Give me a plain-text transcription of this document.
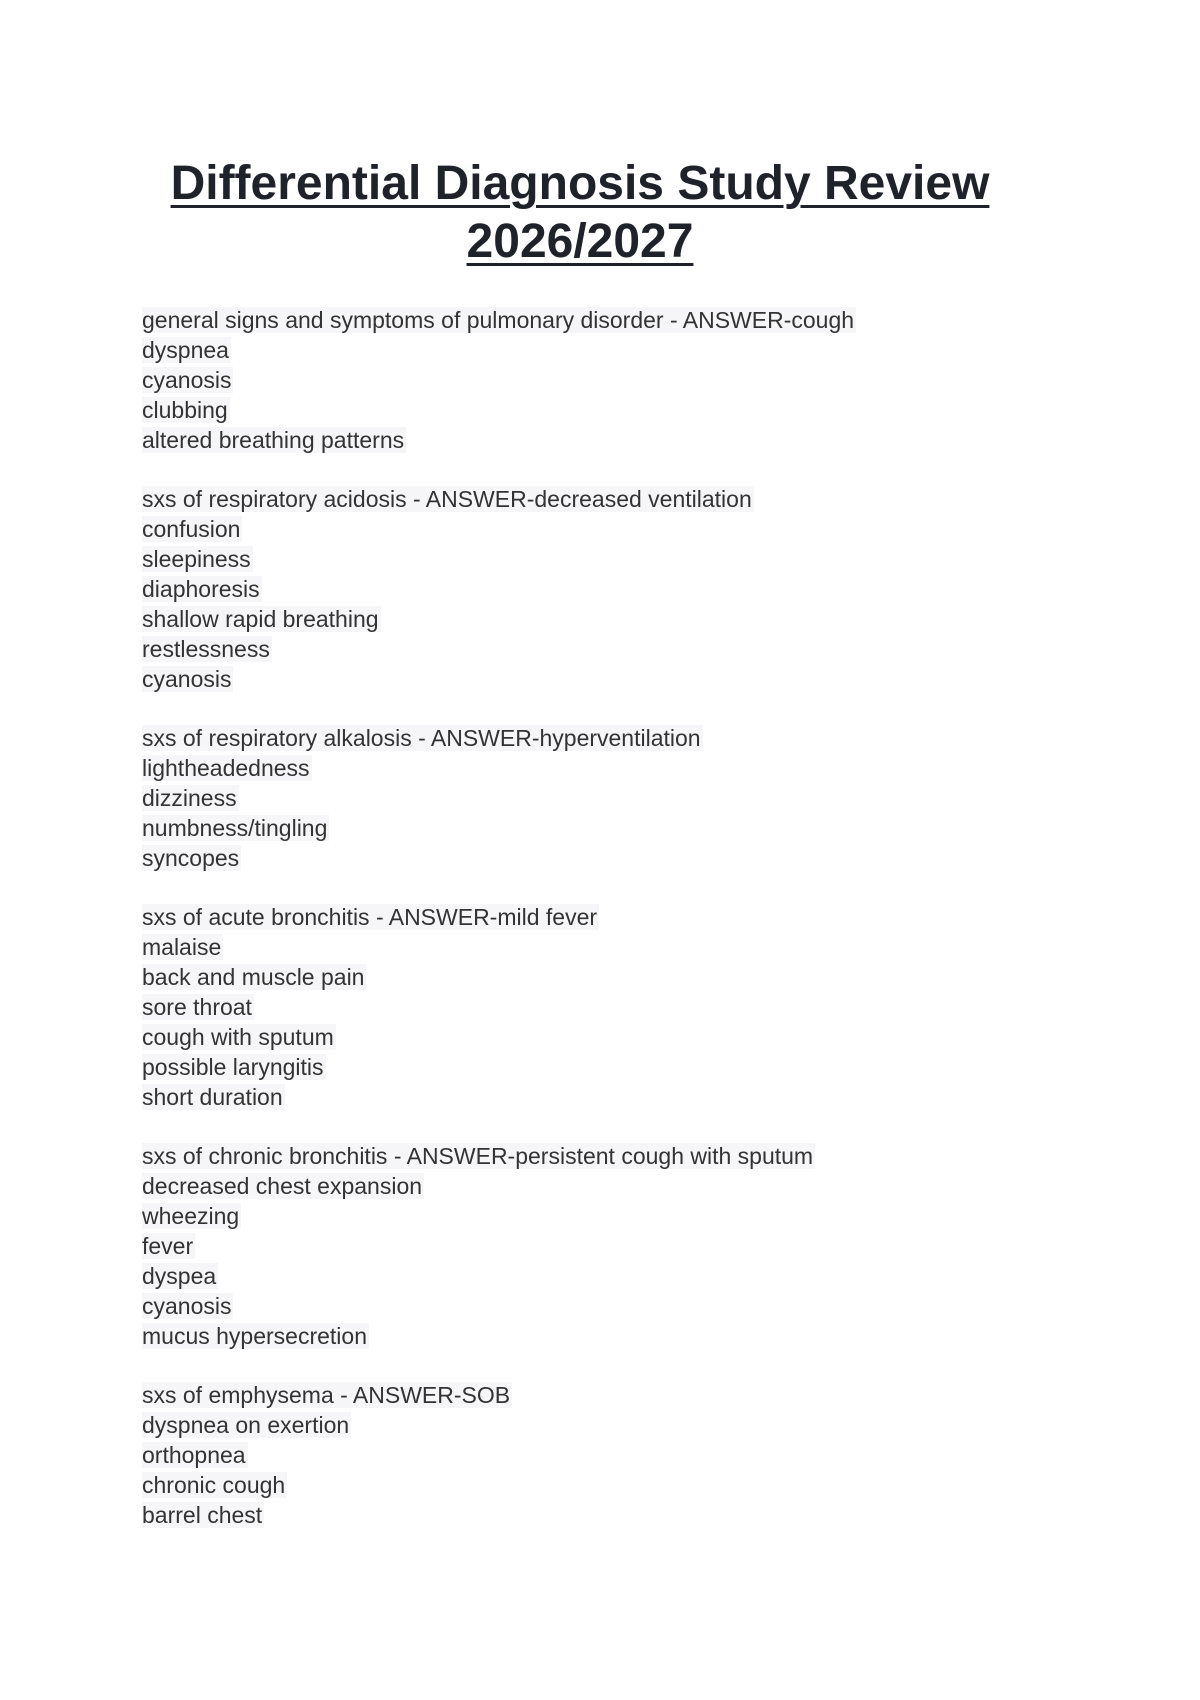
Differential Diagnosis Study Review
2026/2027
general signs and symptoms of pulmonary disorder - ANSWER-cough
dyspnea
cyanosis
clubbing
altered breathing patterns
sxs of respiratory acidosis - ANSWER-decreased ventilation
confusion
sleepiness
diaphoresis
shallow rapid breathing
restlessness
cyanosis
sxs of respiratory alkalosis - ANSWER-hyperventilation
lightheadedness
dizziness
numbness/tingling
syncopes
sxs of acute bronchitis - ANSWER-mild fever
malaise
back and muscle pain
sore throat
cough with sputum
possible laryngitis
short duration
sxs of chronic bronchitis - ANSWER-persistent cough with sputum
decreased chest expansion
wheezing
fever
dyspea
cyanosis
mucus hypersecretion
sxs of emphysema - ANSWER-SOB
dyspnea on exertion
orthopnea
chronic cough
barrel chest
